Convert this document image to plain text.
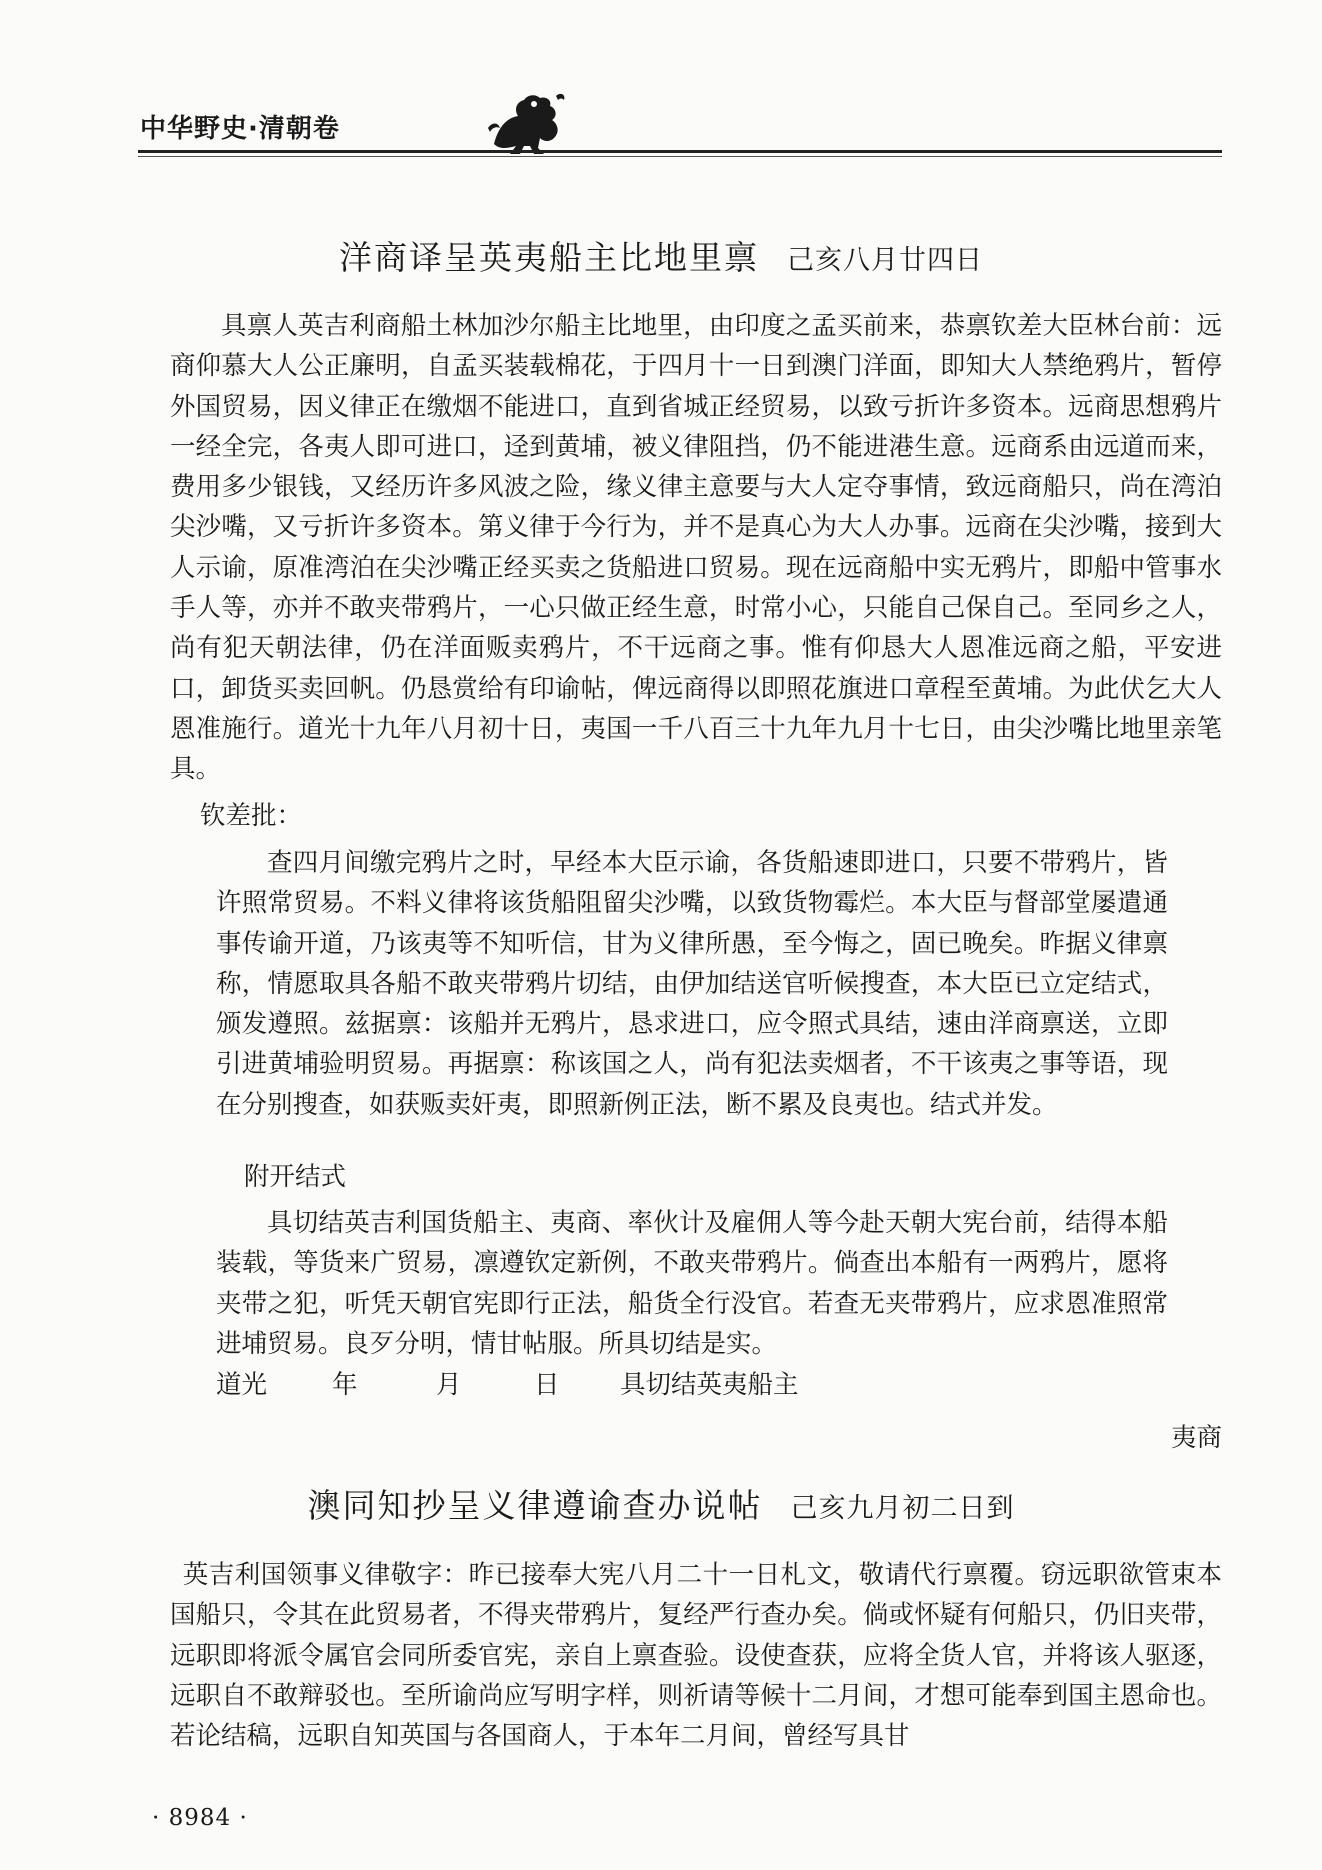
中华野史·清朝卷
洋商译呈英夷船主比地里禀 己亥八月廿四日

具禀人英吉利商船土林加沙尔船主比地里，由印度之孟买前来，恭禀钦差大臣林台前：远商仰慕大人公正廉明，自孟买装载棉花，于四月十一日到澳门洋面，即知大人禁绝鸦片，暂停外国贸易，因义律正在缴烟不能进口，直到省城正经贸易，以致亏折许多资本。远商思想鸦片一经全完，各夷人即可进口，迳到黄埔，被义律阻挡，仍不能进港生意。远商系由远道而来，费用多少银钱，又经历许多风波之险，缘义律主意要与大人定夺事情，致远商船只，尚在湾泊尖沙嘴，又亏折许多资本。第义律于今行为，并不是真心为大人办事。远商在尖沙嘴，接到大人示谕，原准湾泊在尖沙嘴正经买卖之货船进口贸易。现在远商船中实无鸦片，即船中管事水手人等，亦并不敢夹带鸦片，一心只做正经生意，时常小心，只能自己保自己。至同乡之人，尚有犯天朝法律，仍在洋面贩卖鸦片，不干远商之事。惟有仰恳大人恩准远商之船，平安进口，卸货买卖回帆。仍恳赏给有印谕帖，俾远商得以即照花旗进口章程至黄埔。为此伏乞大人恩准施行。道光十九年八月初十日，夷国一千八百三十九年九月十七日，由尖沙嘴比地里亲笔具。

钦差批：

查四月间缴完鸦片之时，早经本大臣示谕，各货船速即进口，只要不带鸦片，皆许照常贸易。不料义律将该货船阻留尖沙嘴，以致货物霉烂。本大臣与督部堂屡遣通事传谕开道，乃该夷等不知听信，甘为义律所愚，至今悔之，固已晚矣。昨据义律禀称，情愿取具各船不敢夹带鸦片切结，由伊加结送官听候搜查，本大臣已立定结式，颁发遵照。兹据禀：该船并无鸦片，恳求进口，应令照式具结，速由洋商禀送，立即引进黄埔验明贸易。再据禀：称该国之人，尚有犯法卖烟者，不干该夷之事等语，现在分别搜查，如获贩卖奸夷，即照新例正法，断不累及良夷也。结式并发。

附开结式

具切结英吉利国货船主、夷商、率伙计及雇佣人等今赴天朝大宪台前，结得本船装载，等货来广贸易，凛遵钦定新例，不敢夹带鸦片。倘查出本船有一两鸦片，愿将夹带之犯，听凭天朝官宪即行正法，船货全行没官。若查无夹带鸦片，应求恩准照常进埔贸易。良歹分明，情甘帖服。所具切结是实。

道光	年	月	日	具切结英夷船主

夷商

澳同知抄呈义律遵谕查办说帖 己亥九月初二日到

英吉利国领事义律敬字：昨已接奉大宪八月二十一日札文，敬请代行禀覆。窃远职欲管束本国船只，令其在此贸易者，不得夹带鸦片，复经严行查办矣。倘或怀疑有何船只，仍旧夹带，远职即将派令属官会同所委官宪，亲自上禀查验。设使查获，应将全货人官，并将该人驱逐，远职自不敢辩驳也。至所谕尚应写明字样，则祈请等候十二月间，才想可能奉到国主恩命也。若论结稿，远职自知英国与各国商人，于本年二月间，曾经写具甘

· 8984 ·
